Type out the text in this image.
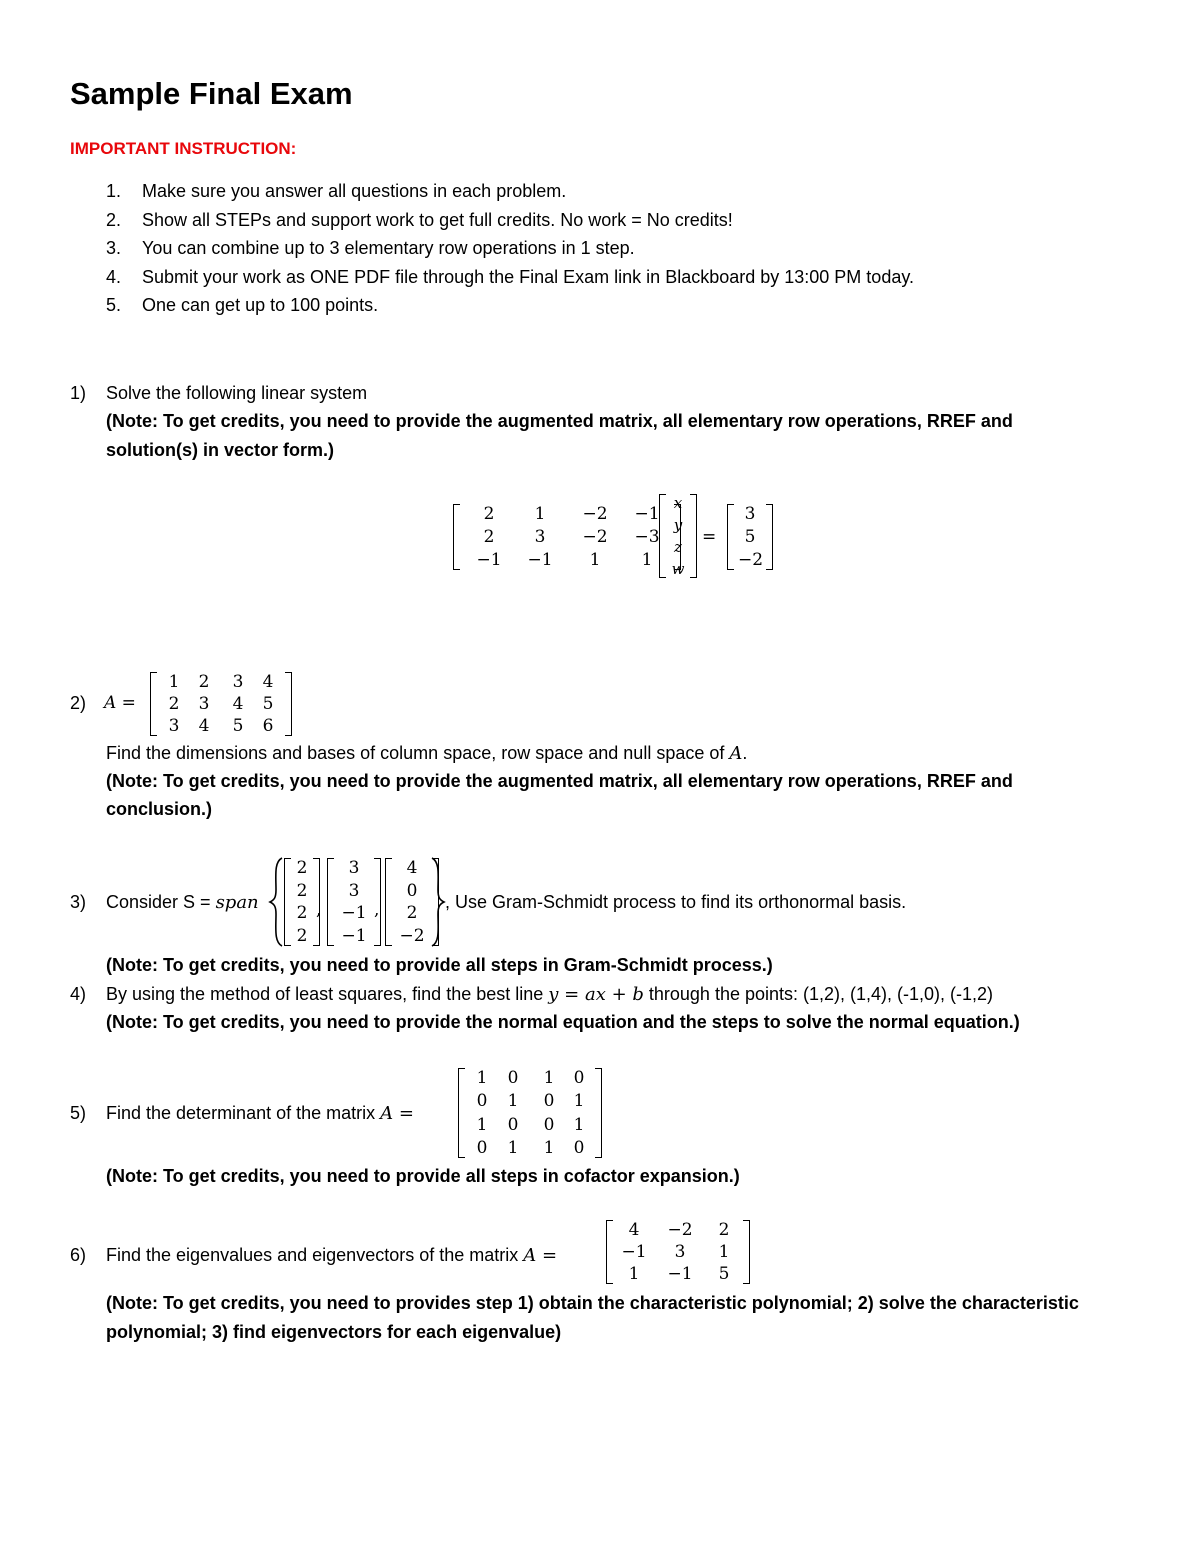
Sample Final Exam
IMPORTANT INSTRUCTION:
1. Make sure you answer all questions in each problem.
2. Show all STEPs and support work to get full credits. No work = No credits!
3. You can combine up to 3 elementary row operations in 1 step.
4. Submit your work as ONE PDF file through the Final Exam link in Blackboard by 13:00 PM today.
5. One can get up to 100 points.
1) Solve the following linear system
(Note: To get credits, you need to provide the augmented matrix, all elementary row operations, RREF and
solution(s) in vector form.)
2	1	−2	−1
2	3	−2	−3
−1	−1	1	1
x
y
z
w
=
3
5
−2
2) A =
1	2	3	4
2	3	4	5
3	4	5	6
Find the dimensions and bases of column space, row space and null space of A.
(Note: To get credits, you need to provide the augmented matrix, all elementary row operations, RREF and
conclusion.)
3) Consider S = span
2
2
2
2
,
3
3
−1
−1
,
4
0
2
−2
, Use Gram-Schmidt process to find its orthonormal basis.
(Note: To get credits, you need to provide all steps in Gram-Schmidt process.)
4) By using the method of least squares, find the best line y = ax + b through the points: (1,2), (1,4), (-1,0), (-1,2)
(Note: To get credits, you need to provide the normal equation and the steps to solve the normal equation.)
5) Find the determinant of the matrix A =
1	0	1	0
0	1	0	1
1	0	0	1
0	1	1	0
(Note: To get credits, you need to provide all steps in cofactor expansion.)
6) Find the eigenvalues and eigenvectors of the matrix A =
4	−2	2
−1	3	1
1	−1	5
(Note: To get credits, you need to provides step 1) obtain the characteristic polynomial; 2) solve the characteristic
polynomial; 3) find eigenvectors for each eigenvalue)
